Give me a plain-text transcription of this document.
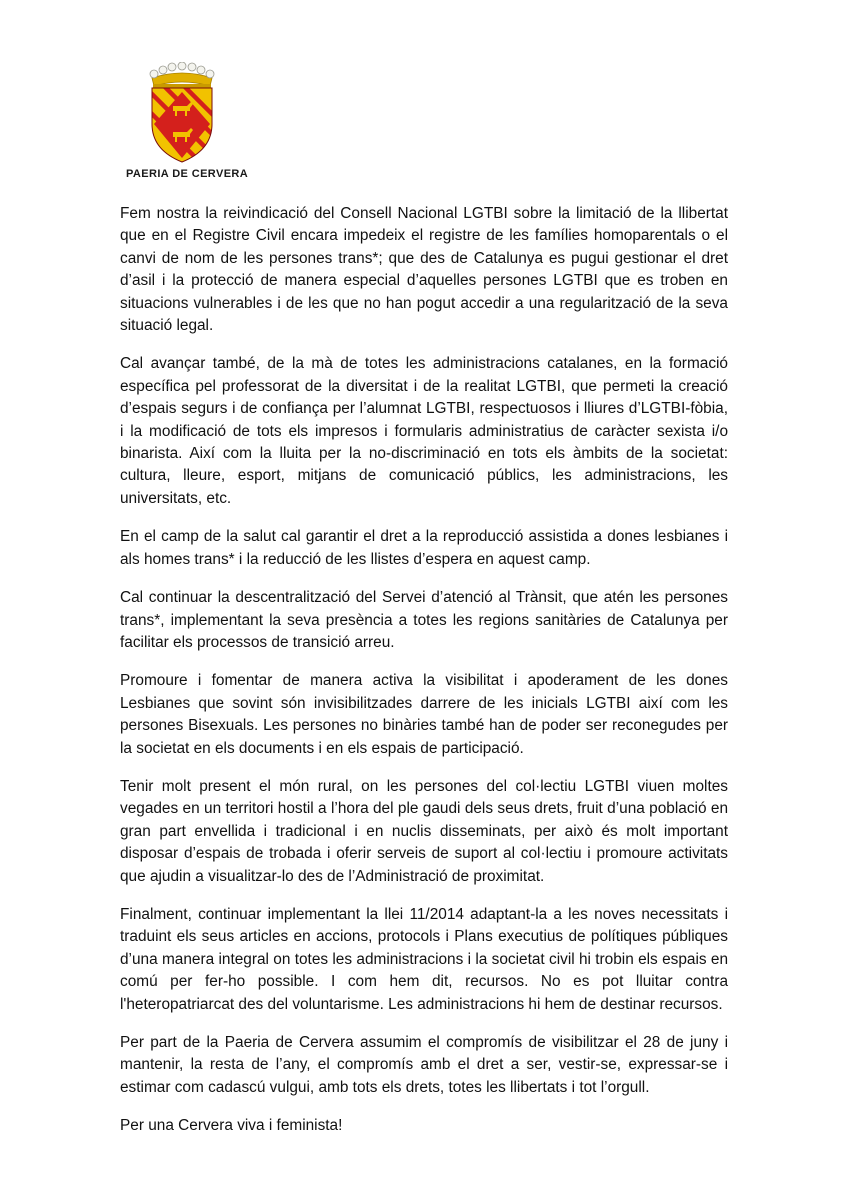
PAERIA DE CERVERA

Fem nostra la reivindicació del Consell Nacional LGTBI sobre la limitació de la llibertat que en el Registre Civil encara impedeix el registre de les famílies homoparentals o el canvi de nom de les persones trans*; que des de Catalunya es pugui gestionar el dret d’asil i la protecció de manera especial d’aquelles persones LGTBI que es troben en situacions vulnerables i de les que no han pogut accedir a una regularització de la seva situació legal.

Cal avançar també, de la mà de totes les administracions catalanes, en la formació específica pel professorat de la diversitat i de la realitat LGTBI, que permeti la creació d’espais segurs i de confiança per l’alumnat LGTBI, respectuosos i lliures d’LGTBI-fòbia, i la modificació de tots els impresos i formularis administratius de caràcter sexista i/o binarista. Així com la lluita per la no-discriminació en tots els àmbits de la societat: cultura, lleure, esport, mitjans de comunicació públics, les administracions, les universitats, etc.

En el camp de la salut cal garantir el dret a la reproducció assistida a dones lesbianes i als homes trans* i la reducció de les llistes d’espera en aquest camp.

Cal continuar la descentralització del Servei d’atenció al Trànsit, que atén les persones trans*, implementant la seva presència a totes les regions sanitàries de Catalunya per facilitar els processos de transició arreu.

Promoure i fomentar de manera activa la visibilitat i apoderament de les dones Lesbianes que sovint són invisibilitzades darrere de les inicials LGTBI així com les persones Bisexuals. Les persones no binàries també han de poder ser reconegudes per la societat en els documents i en els espais de participació.

Tenir molt present el món rural, on les persones del col·lectiu LGTBI viuen moltes vegades en un territori hostil a l’hora del ple gaudi dels seus drets, fruit d’una població en gran part envellida i tradicional i en nuclis disseminats, per això és molt important disposar d’espais de trobada i oferir serveis de suport al col·lectiu i promoure activitats que ajudin a visualitzar-lo des de l’Administració de proximitat.

Finalment, continuar implementant la llei 11/2014 adaptant-la a les noves necessitats i traduint els seus articles en accions, protocols i Plans executius de polítiques públiques d’una manera integral on totes les administracions i la societat civil hi trobin els espais en comú per fer-ho possible. I com hem dit, recursos. No es pot lluitar contra l'heteropatriarcat des del voluntarisme. Les administracions hi hem de destinar recursos.

Per part de la Paeria de Cervera assumim el compromís de visibilitzar el 28 de juny i mantenir, la resta de l’any, el compromís amb el dret a ser, vestir-se, expressar-se i estimar com cadascú vulgui, amb tots els drets, totes les llibertats i tot l’orgull.

Per una Cervera viva i feminista!
